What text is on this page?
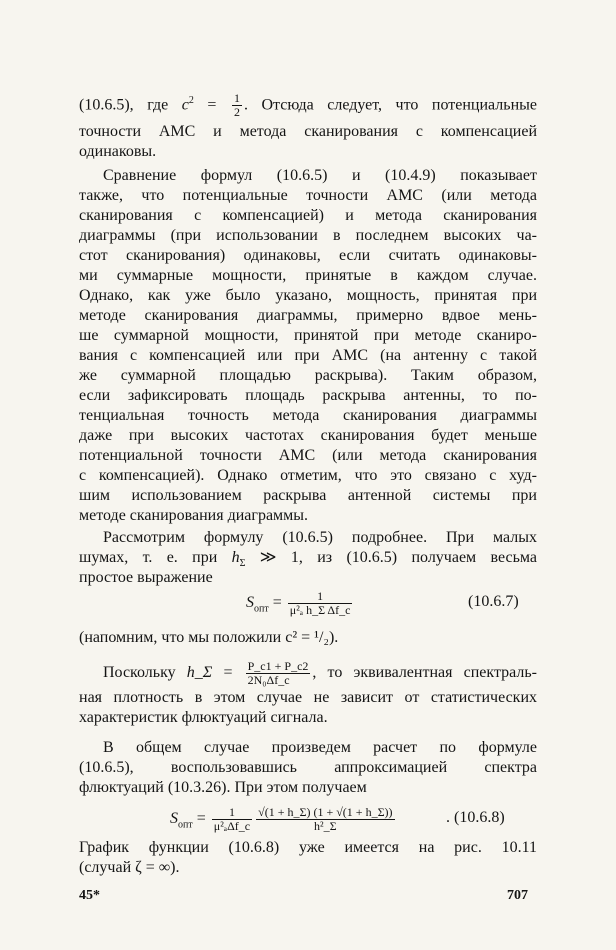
(10.6.5), где $c^2 = \frac{1}{2}$ . Отсюда следует, что потенциальные
точности АМС и метода сканирования с компенсацией
одинаковы.
Сравнение формул (10.6.5) и (10.4.9) показывает
также, что потенциальные точности АМС (или метода
сканирования с компенсацией) и метода сканирования
диаграммы (при использовании в последнем высоких ча-
стот сканирования) одинаковы, если считать одинаковы-
ми суммарные мощности, принятые в каждом случае.
Однако, как уже было указано, мощность, принятая при
методе сканирования диаграммы, примерно вдвое мень-
ше суммарной мощности, принятой при методе сканиро-
вания с компенсацией или при АМС (на антенну с такой
же суммарной площадью раскрыва). Таким образом,
если зафиксировать площадь раскрыва антенны, то по-
тенциальная точность метода сканирования диаграммы
даже при высоких частотах сканирования будет меньше
потенциальной точности АМС (или метода сканирования
с компенсацией). Однако отметим, что это связано с худ-
шим использованием раскрыва антенной системы при
методе сканирования диаграммы.
Рассмотрим формулу (10.6.5) подробнее. При малых
шумах, т. е. при $h_\Sigma$ ≫ 1, из (10.6.5) получаем весьма
простое выражение
$S_{опт} = \frac{1}{\text{μ²ₐ h\_Σ Δf\_c}}$	(10.6.7)
(напомним, что мы положили c² = ¹/₂).
Поскольку h_Σ = $\frac{P\_c1 + P\_c2}{\text{2N₀Δf\_c}}$ , то эквивалентная спектраль-
ная плотность в этом случае не зависит от статистических
характеристик флюктуаций сигнала.
В общем случае произведем расчет по формуле
(10.6.5), воспользовавшись аппроксимацией спектра
флюктуаций (10.3.26). При этом получаем
$S_{опт} = \frac{1}{\text{μ²ₐΔf\_c}} \frac{√(1 + h\_\Sigma) (1 + √(1 + h\_\Sigma))}{\text{h²\_Σ}}$	. (10.6.8)
График функции (10.6.8) уже имеется на рис. 10.11
(случай ζ = ∞).
45*	707
